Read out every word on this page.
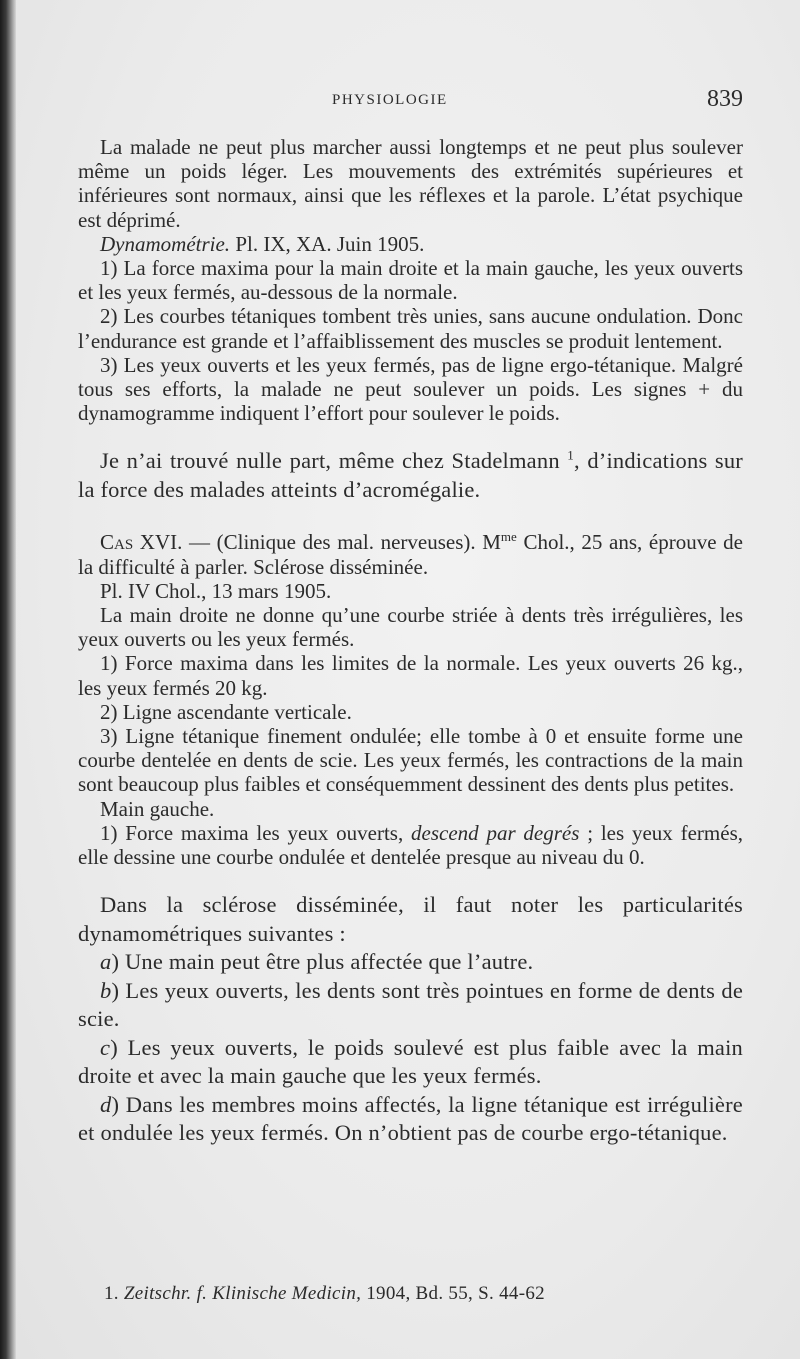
PHYSIOLOGIE	839

La malade ne peut plus marcher aussi longtemps et ne peut plus soulever même un poids léger. Les mouvements des extrémités supérieures et inférieures sont normaux, ainsi que les réflexes et la parole. L’état psychique est déprimé.

Dynamométrie. Pl. IX, XA. Juin 1905.

1) La force maxima pour la main droite et la main gauche, les yeux ouverts et les yeux fermés, au-dessous de la normale.

2) Les courbes tétaniques tombent très unies, sans aucune ondulation. Donc l’endurance est grande et l’affaiblissement des muscles se produit lentement.

3) Les yeux ouverts et les yeux fermés, pas de ligne ergo-tétanique. Malgré tous ses efforts, la malade ne peut soulever un poids. Les signes + du dynamogramme indiquent l’effort pour soulever le poids.

Je n’ai trouvé nulle part, même chez Stadelmann $^1$, d’indications sur la force des malades atteints d’acromégalie.

Cas XVI. — (Clinique des mal. nerveuses). $M^{me}$ Chol., 25 ans, éprouve de la difficulté à parler. Sclérose disséminée.

Pl. IV Chol., 13 mars 1905.

La main droite ne donne qu’une courbe striée à dents très irrégulières, les yeux ouverts ou les yeux fermés.

1) Force maxima dans les limites de la normale. Les yeux ouverts 26 kg., les yeux fermés 20 kg.

2) Ligne ascendante verticale.

3) Ligne tétanique finement ondulée; elle tombe à 0 et ensuite forme une courbe dentelée en dents de scie. Les yeux fermés, les contractions de la main sont beaucoup plus faibles et conséquemment dessinent des dents plus petites.

Main gauche.

1) Force maxima les yeux ouverts, descend par degrés ; les yeux fermés, elle dessine une courbe ondulée et dentelée presque au niveau du 0.

Dans la sclérose disséminée, il faut noter les particularités dynamométriques suivantes :

a) Une main peut être plus affectée que l’autre.

b) Les yeux ouverts, les dents sont très pointues en forme de dents de scie.

c) Les yeux ouverts, le poids soulevé est plus faible avec la main droite et avec la main gauche que les yeux fermés.

d) Dans les membres moins affectés, la ligne tétanique est irrégulière et ondulée les yeux fermés. On n’obtient pas de courbe ergo-tétanique.

1. Zeitschr. f. Klinische Medicin, 1904, Bd. 55, S. 44-62
